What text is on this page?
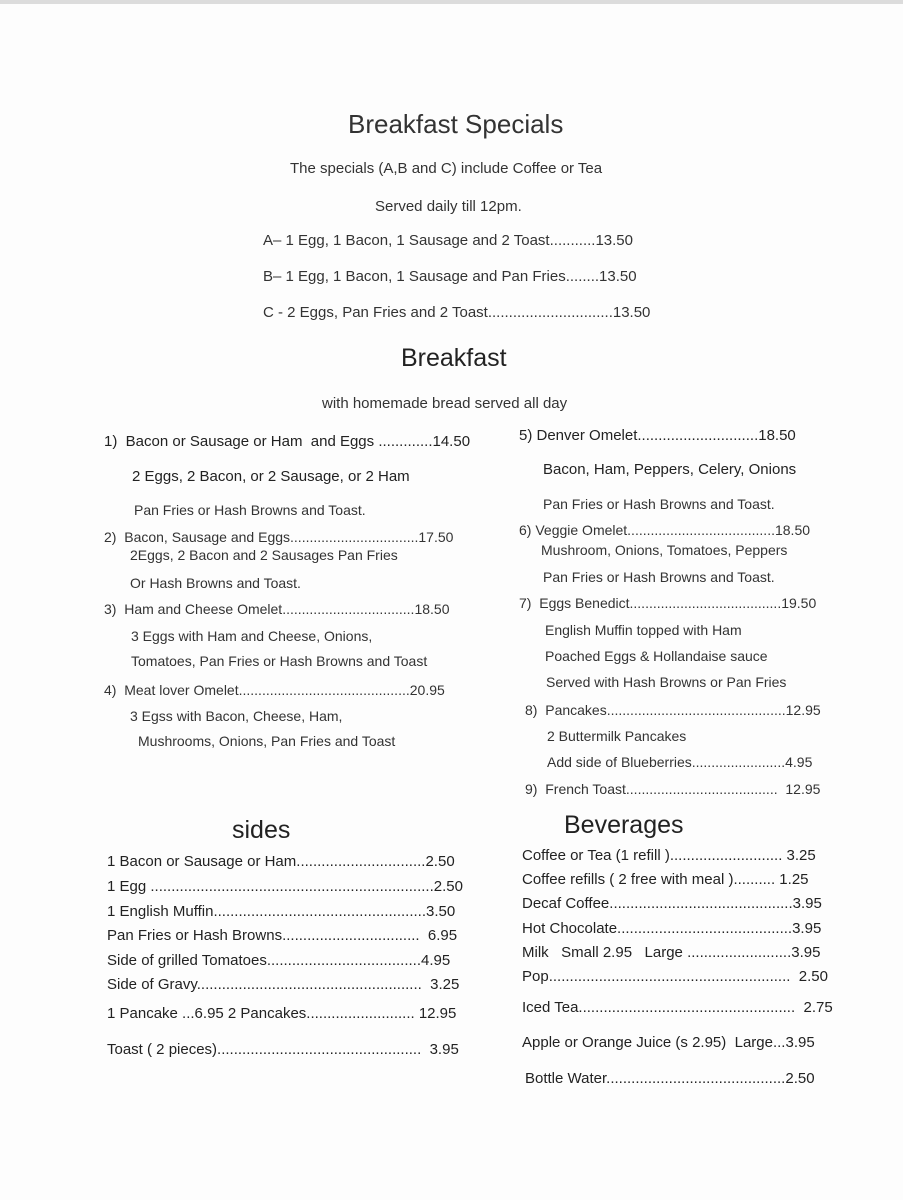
Breakfast Specials
The specials (A,B and C) include Coffee or Tea
Served daily till 12pm.
A– 1 Egg, 1 Bacon, 1 Sausage and 2 Toast...........13.50
B– 1 Egg, 1 Bacon, 1 Sausage and Pan Fries........13.50
C - 2 Eggs, Pan Fries and 2 Toast..............................13.50
Breakfast
with homemade bread served all day
1)  Bacon or Sausage or Ham  and Eggs .............14.50
2 Eggs, 2 Bacon, or 2 Sausage, or 2 Ham
Pan Fries or Hash Browns and Toast.
2)  Bacon, Sausage and Eggs.................................17.50
2Eggs, 2 Bacon and 2 Sausages Pan Fries
Or Hash Browns and Toast.
3)  Ham and Cheese Omelet..................................18.50
3 Eggs with Ham and Cheese, Onions,
Tomatoes, Pan Fries or Hash Browns and Toast
4)  Meat lover Omelet............................................20.95
3 Egss with Bacon, Cheese, Ham,
Mushrooms, Onions, Pan Fries and Toast
5) Denver Omelet.............................18.50
Bacon, Ham, Peppers, Celery, Onions
Pan Fries or Hash Browns and Toast.
6) Veggie Omelet......................................18.50
Mushroom, Onions, Tomatoes, Peppers
Pan Fries or Hash Browns and Toast.
7)  Eggs Benedict.......................................19.50
English Muffin topped with Ham
Poached Eggs & Hollandaise sauce
Served with Hash Browns or Pan Fries
8)  Pancakes..............................................12.95
2 Buttermilk Pancakes
Add side of Blueberries........................4.95
9)  French Toast.......................................  12.95
sides
1 Bacon or Sausage or Ham...............................2.50
1 Egg ....................................................................2.50
1 English Muffin...................................................3.50
Pan Fries or Hash Browns.................................  6.95
Side of grilled Tomatoes.....................................4.95
Side of Gravy......................................................  3.25
1 Pancake ...6.95 2 Pancakes.......................... 12.95
Toast ( 2 pieces).................................................  3.95
Beverages
Coffee or Tea (1 refill )........................... 3.25
Coffee refills ( 2 free with meal ).......... 1.25
Decaf Coffee............................................3.95
Hot Chocolate..........................................3.95
Milk   Small 2.95   Large .........................3.95
Pop..........................................................  2.50
Iced Tea....................................................  2.75
Apple or Orange Juice (s 2.95)  Large...3.95
Bottle Water...........................................2.50
